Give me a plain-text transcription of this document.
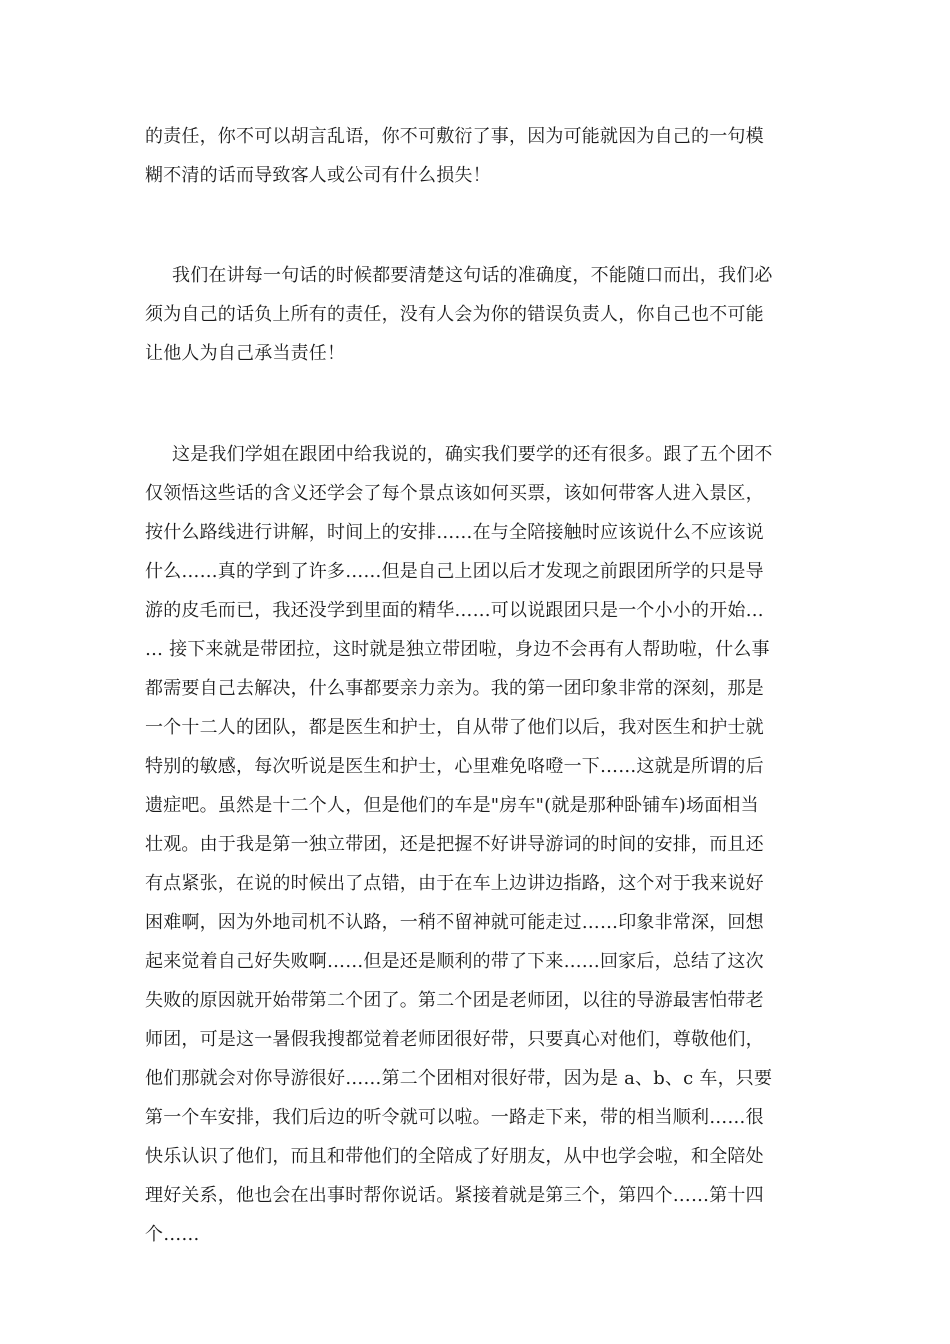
的责任，你不可以胡言乱语，你不可敷衍了事，因为可能就因为自己的一句模
糊不清的话而导致客人或公司有什么损失！
我们在讲每一句话的时候都要清楚这句话的准确度，不能随口而出，我们必
须为自己的话负上所有的责任，没有人会为你的错误负责人，你自己也不可能
让他人为自己承当责任！
这是我们学姐在跟团中给我说的，确实我们要学的还有很多。跟了五个团不
仅领悟这些话的含义还学会了每个景点该如何买票，该如何带客人进入景区，
按什么路线进行讲解，时间上的安排……在与全陪接触时应该说什么不应该说
什么……真的学到了许多……但是自己上团以后才发现之前跟团所学的只是导
游的皮毛而已，我还没学到里面的精华……可以说跟团只是一个小小的开始…
… 接下来就是带团拉，这时就是独立带团啦，身边不会再有人帮助啦，什么事
都需要自己去解决，什么事都要亲力亲为。我的第一团印象非常的深刻，那是
一个十二人的团队，都是医生和护士，自从带了他们以后，我对医生和护士就
特别的敏感，每次听说是医生和护士，心里难免咯噔一下……这就是所谓的后
遗症吧。虽然是十二个人，但是他们的车是"房车"(就是那种卧铺车)场面相当
壮观。由于我是第一独立带团，还是把握不好讲导游词的时间的安排，而且还
有点紧张，在说的时候出了点错，由于在车上边讲边指路，这个对于我来说好
困难啊，因为外地司机不认路，一稍不留神就可能走过……印象非常深，回想
起来觉着自己好失败啊……但是还是顺利的带了下来……回家后，总结了这次
失败的原因就开始带第二个团了。第二个团是老师团，以往的导游最害怕带老
师团，可是这一暑假我搜都觉着老师团很好带，只要真心对他们，尊敬他们，
他们那就会对你导游很好……第二个团相对很好带，因为是 a、b、c 车，只要
第一个车安排，我们后边的听令就可以啦。一路走下来，带的相当顺利……很
快乐认识了他们，而且和带他们的全陪成了好朋友，从中也学会啦，和全陪处
理好关系，他也会在出事时帮你说话。紧接着就是第三个，第四个……第十四
个……
